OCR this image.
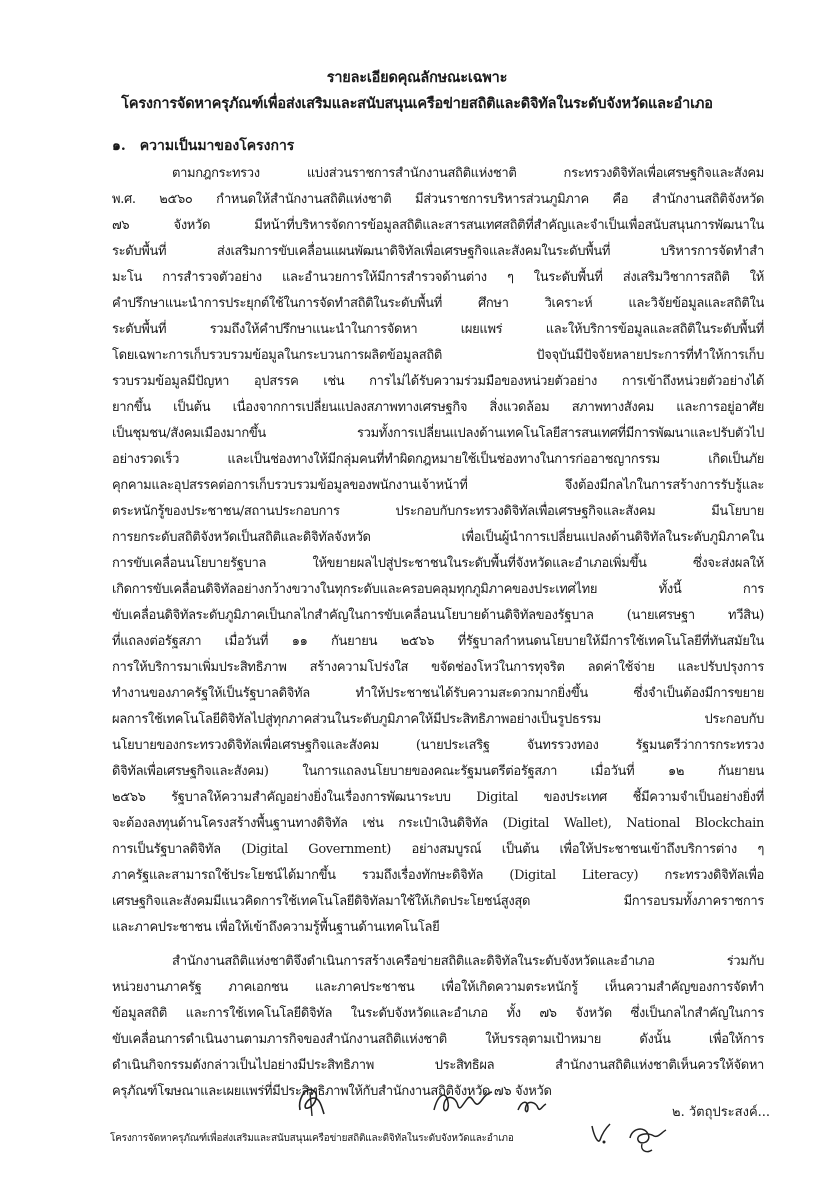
รายละเอียดคุณลักษณะเฉพาะ
โครงการจัดหาครุภัณฑ์เพื่อส่งเสริมและสนับสนุนเครือข่ายสถิติและดิจิทัลในระดับจังหวัดและอำเภอ
๑. ความเป็นมาของโครงการ
ตามกฎกระทรวง แบ่งส่วนราชการสำนักงานสถิติแห่งชาติ กระทรวงดิจิทัลเพื่อเศรษฐกิจและสังคม
พ.ศ. ๒๕๖๐ กำหนดให้สำนักงานสถิติแห่งชาติ มีส่วนราชการบริหารส่วนภูมิภาค คือ สำนักงานสถิติจังหวัด
๗๖ จังหวัด มีหน้าที่บริหารจัดการข้อมูลสถิติและสารสนเทศสถิติที่สำคัญและจำเป็นเพื่อสนับสนุนการพัฒนาใน
ระดับพื้นที่ ส่งเสริมการขับเคลื่อนแผนพัฒนาดิจิทัลเพื่อเศรษฐกิจและสังคมในระดับพื้นที่ บริหารการจัดทำสำ
มะโน การสำรวจตัวอย่าง และอำนวยการให้มีการสำรวจด้านต่าง ๆ ในระดับพื้นที่ ส่งเสริมวิชาการสถิติ ให้
คำปรึกษาแนะนำการประยุกต์ใช้ในการจัดทำสถิติในระดับพื้นที่ ศึกษา วิเคราะห์ และวิจัยข้อมูลและสถิติใน
ระดับพื้นที่ รวมถึงให้คำปรึกษาแนะนำในการจัดหา เผยแพร่ และให้บริการข้อมูลและสถิติในระดับพื้นที่
โดยเฉพาะการเก็บรวบรวมข้อมูลในกระบวนการผลิตข้อมูลสถิติ ปัจจุบันมีปัจจัยหลายประการที่ทำให้การเก็บ
รวบรวมข้อมูลมีปัญหา อุปสรรค เช่น การไม่ได้รับความร่วมมือของหน่วยตัวอย่าง การเข้าถึงหน่วยตัวอย่างได้
ยากขึ้น เป็นต้น เนื่องจากการเปลี่ยนแปลงสภาพทางเศรษฐกิจ สิ่งแวดล้อม สภาพทางสังคม และการอยู่อาศัย
เป็นชุมชน/สังคมเมืองมากขึ้น รวมทั้งการเปลี่ยนแปลงด้านเทคโนโลยีสารสนเทศที่มีการพัฒนาและปรับตัวไป
อย่างรวดเร็ว และเป็นช่องทางให้มีกลุ่มคนที่ทำผิดกฎหมายใช้เป็นช่องทางในการก่ออาชญากรรม เกิดเป็นภัย
คุกคามและอุปสรรคต่อการเก็บรวบรวมข้อมูลของพนักงานเจ้าหน้าที่ จึงต้องมีกลไกในการสร้างการรับรู้และ
ตระหนักรู้ของประชาชน/สถานประกอบการ ประกอบกับกระทรวงดิจิทัลเพื่อเศรษฐกิจและสังคม มีนโยบาย
การยกระดับสถิติจังหวัดเป็นสถิติและดิจิทัลจังหวัด เพื่อเป็นผู้นำการเปลี่ยนแปลงด้านดิจิทัลในระดับภูมิภาคใน
การขับเคลื่อนนโยบายรัฐบาล ให้ขยายผลไปสู่ประชาชนในระดับพื้นที่จังหวัดและอำเภอเพิ่มขึ้น ซึ่งจะส่งผลให้
เกิดการขับเคลื่อนดิจิทัลอย่างกว้างขวางในทุกระดับและครอบคลุมทุกภูมิภาคของประเทศไทย ทั้งนี้ การ
ขับเคลื่อนดิจิทัลระดับภูมิภาคเป็นกลไกสำคัญในการขับเคลื่อนนโยบายด้านดิจิทัลของรัฐบาล (นายเศรษฐา ทวีสิน)
ที่แถลงต่อรัฐสภา เมื่อวันที่ ๑๑ กันยายน ๒๕๖๖ ที่รัฐบาลกำหนดนโยบายให้มีการใช้เทคโนโลยีที่ทันสมัยใน
การให้บริการมาเพิ่มประสิทธิภาพ สร้างความโปร่งใส ขจัดช่องโหว่ในการทุจริต ลดค่าใช้จ่าย และปรับปรุงการ
ทำงานของภาครัฐให้เป็นรัฐบาลดิจิทัล ทำให้ประชาชนได้รับความสะดวกมากยิ่งขึ้น ซึ่งจำเป็นต้องมีการขยาย
ผลการใช้เทคโนโลยีดิจิทัลไปสู่ทุกภาคส่วนในระดับภูมิภาคให้มีประสิทธิภาพอย่างเป็นรูปธรรม ประกอบกับ
นโยบายของกระทรวงดิจิทัลเพื่อเศรษฐกิจและสังคม (นายประเสริฐ จันทรรวงทอง รัฐมนตรีว่าการกระทรวง
ดิจิทัลเพื่อเศรษฐกิจและสังคม) ในการแถลงนโยบายของคณะรัฐมนตรีต่อรัฐสภา เมื่อวันที่ ๑๒ กันยายน
๒๕๖๖ รัฐบาลให้ความสำคัญอย่างยิ่งในเรื่องการพัฒนาระบบ Digital ของประเทศ ชี้มีความจำเป็นอย่างยิ่งที่
จะต้องลงทุนด้านโครงสร้างพื้นฐานทางดิจิทัล เช่น กระเป๋าเงินดิจิทัล (Digital Wallet), National Blockchain
การเป็นรัฐบาลดิจิทัล (Digital Government) อย่างสมบูรณ์ เป็นต้น เพื่อให้ประชาชนเข้าถึงบริการต่าง ๆ
ภาครัฐและสามารถใช้ประโยชน์ได้มากขึ้น รวมถึงเรื่องทักษะดิจิทัล (Digital Literacy) กระทรวงดิจิทัลเพื่อ
เศรษฐกิจและสังคมมีแนวคิดการใช้เทคโนโลยีดิจิทัลมาใช้ให้เกิดประโยชน์สูงสุด มีการอบรมทั้งภาคราชการ
และภาคประชาชน เพื่อให้เข้าถึงความรู้พื้นฐานด้านเทคโนโลยี
สำนักงานสถิติแห่งชาติจึงดำเนินการสร้างเครือข่ายสถิติและดิจิทัลในระดับจังหวัดและอำเภอ ร่วมกับ
หน่วยงานภาครัฐ ภาคเอกชน และภาคประชาชน เพื่อให้เกิดความตระหนักรู้ เห็นความสำคัญของการจัดทำ
ข้อมูลสถิติ และการใช้เทคโนโลยีดิจิทัล ในระดับจังหวัดและอำเภอ ทั้ง ๗๖ จังหวัด ซึ่งเป็นกลไกสำคัญในการ
ขับเคลื่อนการดำเนินงานตามภารกิจของสำนักงานสถิติแห่งชาติ ให้บรรลุตามเป้าหมาย ดังนั้น เพื่อให้การ
ดำเนินกิจกรรมดังกล่าวเป็นไปอย่างมีประสิทธิภาพ ประสิทธิผล สำนักงานสถิติแห่งชาติเห็นควรให้จัดหา
ครุภัณฑ์โฆษณาและเผยแพร่ที่มีประสิทธิภาพให้กับสำนักงานสถิติจังหวัด ๗๖ จังหวัด
๒. วัตถุประสงค์...
โครงการจัดหาครุภัณฑ์เพื่อส่งเสริมและสนับสนุนเครือข่ายสถิติและดิจิทัลในระดับจังหวัดและอำเภอ
